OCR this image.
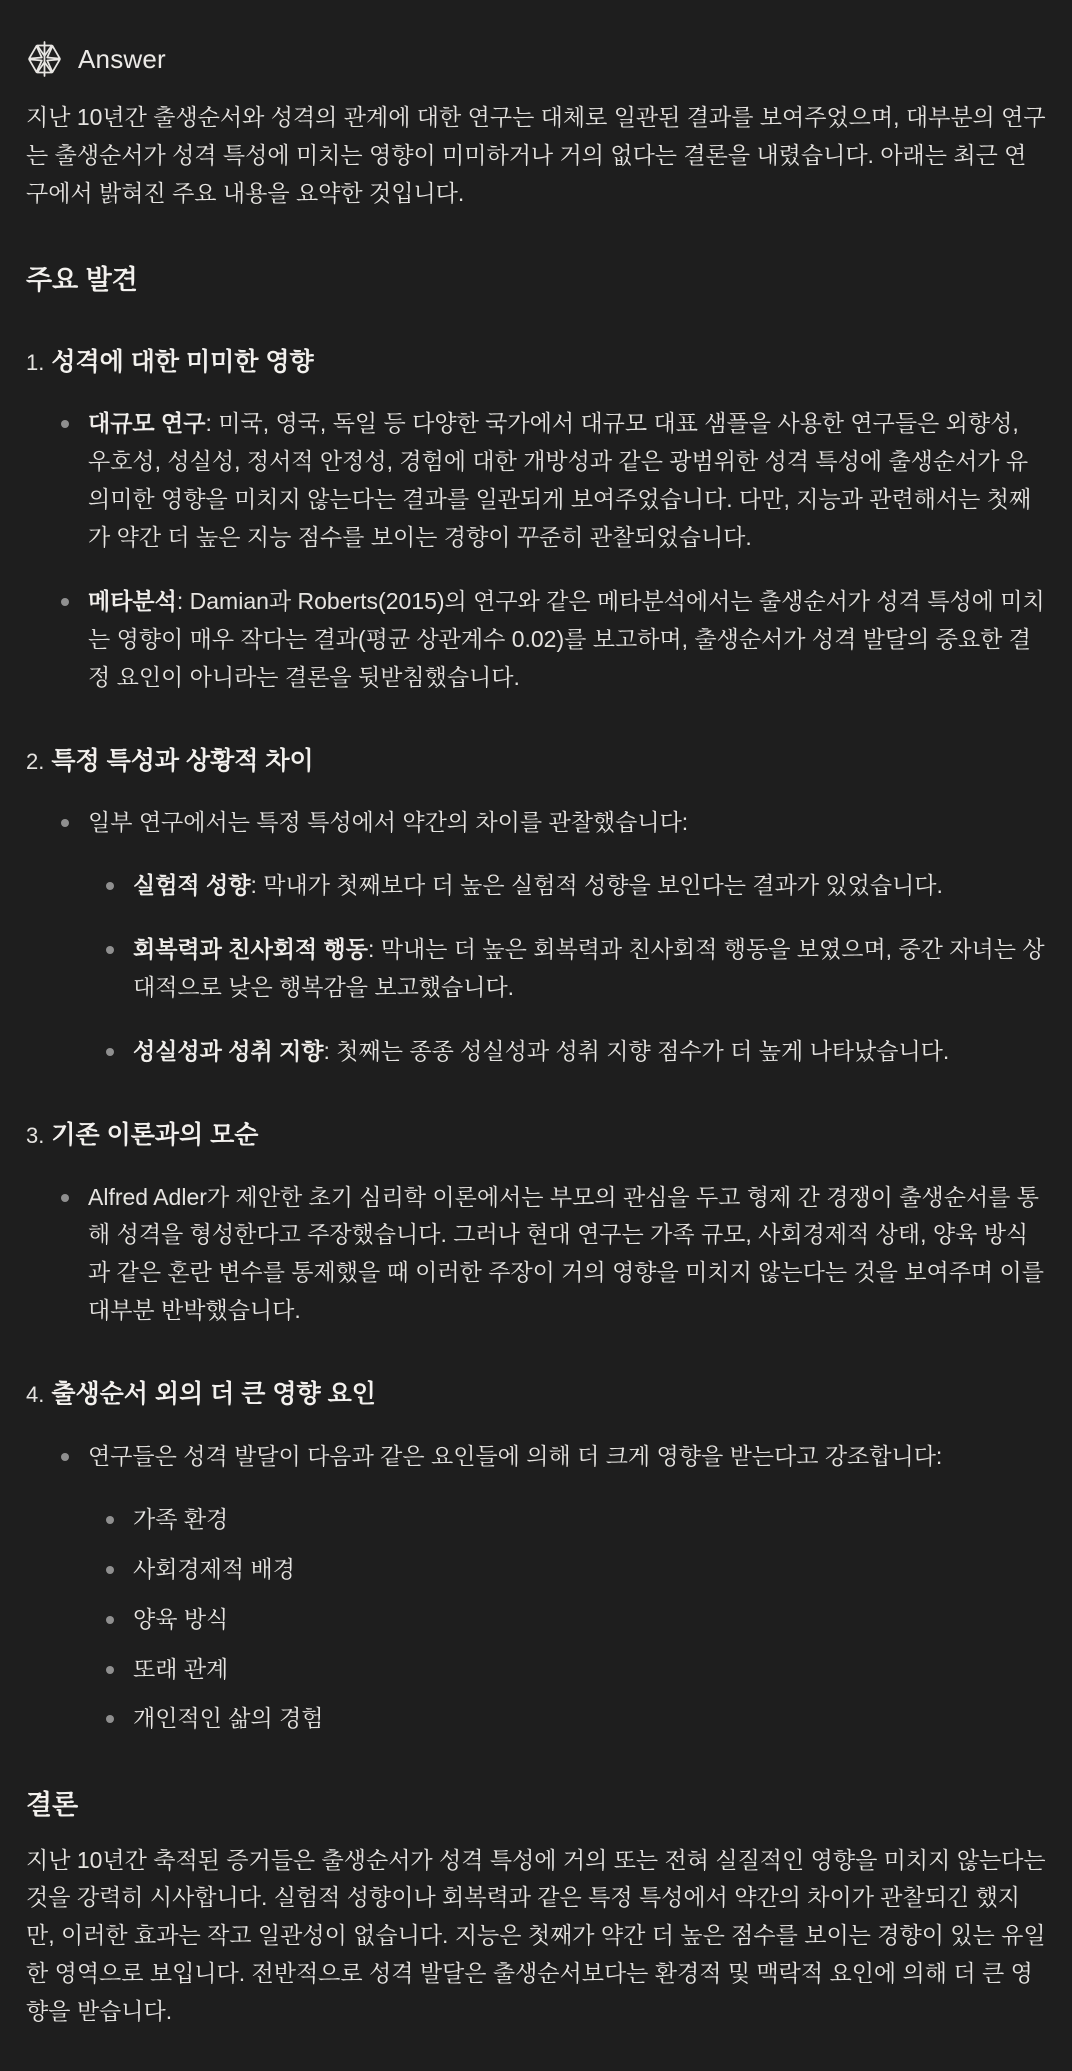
Answer

지난 10년간 출생순서와 성격의 관계에 대한 연구는 대체로 일관된 결과를 보여주었으며, 대부분의 연구는 출생순서가 성격 특성에 미치는 영향이 미미하거나 거의 없다는 결론을 내렸습니다. 아래는 최근 연구에서 밝혀진 주요 내용을 요약한 것입니다.

주요 발견
1. 성격에 대한 미미한 영향
대규모 연구: 미국, 영국, 독일 등 다양한 국가에서 대규모 대표 샘플을 사용한 연구들은 외향성, 우호성, 성실성, 정서적 안정성, 경험에 대한 개방성과 같은 광범위한 성격 특성에 출생순서가 유의미한 영향을 미치지 않는다는 결과를 일관되게 보여주었습니다. 다만, 지능과 관련해서는 첫째가 약간 더 높은 지능 점수를 보이는 경향이 꾸준히 관찰되었습니다.
메타분석: Damian과 Roberts(2015)의 연구와 같은 메타분석에서는 출생순서가 성격 특성에 미치는 영향이 매우 작다는 결과(평균 상관계수 0.02)를 보고하며, 출생순서가 성격 발달의 중요한 결정 요인이 아니라는 결론을 뒷받침했습니다.
2. 특정 특성과 상황적 차이
일부 연구에서는 특정 특성에서 약간의 차이를 관찰했습니다:
실험적 성향: 막내가 첫째보다 더 높은 실험적 성향을 보인다는 결과가 있었습니다.
회복력과 친사회적 행동: 막내는 더 높은 회복력과 친사회적 행동을 보였으며, 중간 자녀는 상대적으로 낮은 행복감을 보고했습니다.
성실성과 성취 지향: 첫째는 종종 성실성과 성취 지향 점수가 더 높게 나타났습니다.
3. 기존 이론과의 모순
Alfred Adler가 제안한 초기 심리학 이론에서는 부모의 관심을 두고 형제 간 경쟁이 출생순서를 통해 성격을 형성한다고 주장했습니다. 그러나 현대 연구는 가족 규모, 사회경제적 상태, 양육 방식과 같은 혼란 변수를 통제했을 때 이러한 주장이 거의 영향을 미치지 않는다는 것을 보여주며 이를 대부분 반박했습니다.
4. 출생순서 외의 더 큰 영향 요인
연구들은 성격 발달이 다음과 같은 요인들에 의해 더 크게 영향을 받는다고 강조합니다:
가족 환경
사회경제적 배경
양육 방식
또래 관계
개인적인 삶의 경험
결론

지난 10년간 축적된 증거들은 출생순서가 성격 특성에 거의 또는 전혀 실질적인 영향을 미치지 않는다는 것을 강력히 시사합니다. 실험적 성향이나 회복력과 같은 특정 특성에서 약간의 차이가 관찰되긴 했지만, 이러한 효과는 작고 일관성이 없습니다. 지능은 첫째가 약간 더 높은 점수를 보이는 경향이 있는 유일한 영역으로 보입니다. 전반적으로 성격 발달은 출생순서보다는 환경적 및 맥락적 요인에 의해 더 큰 영향을 받습니다.
